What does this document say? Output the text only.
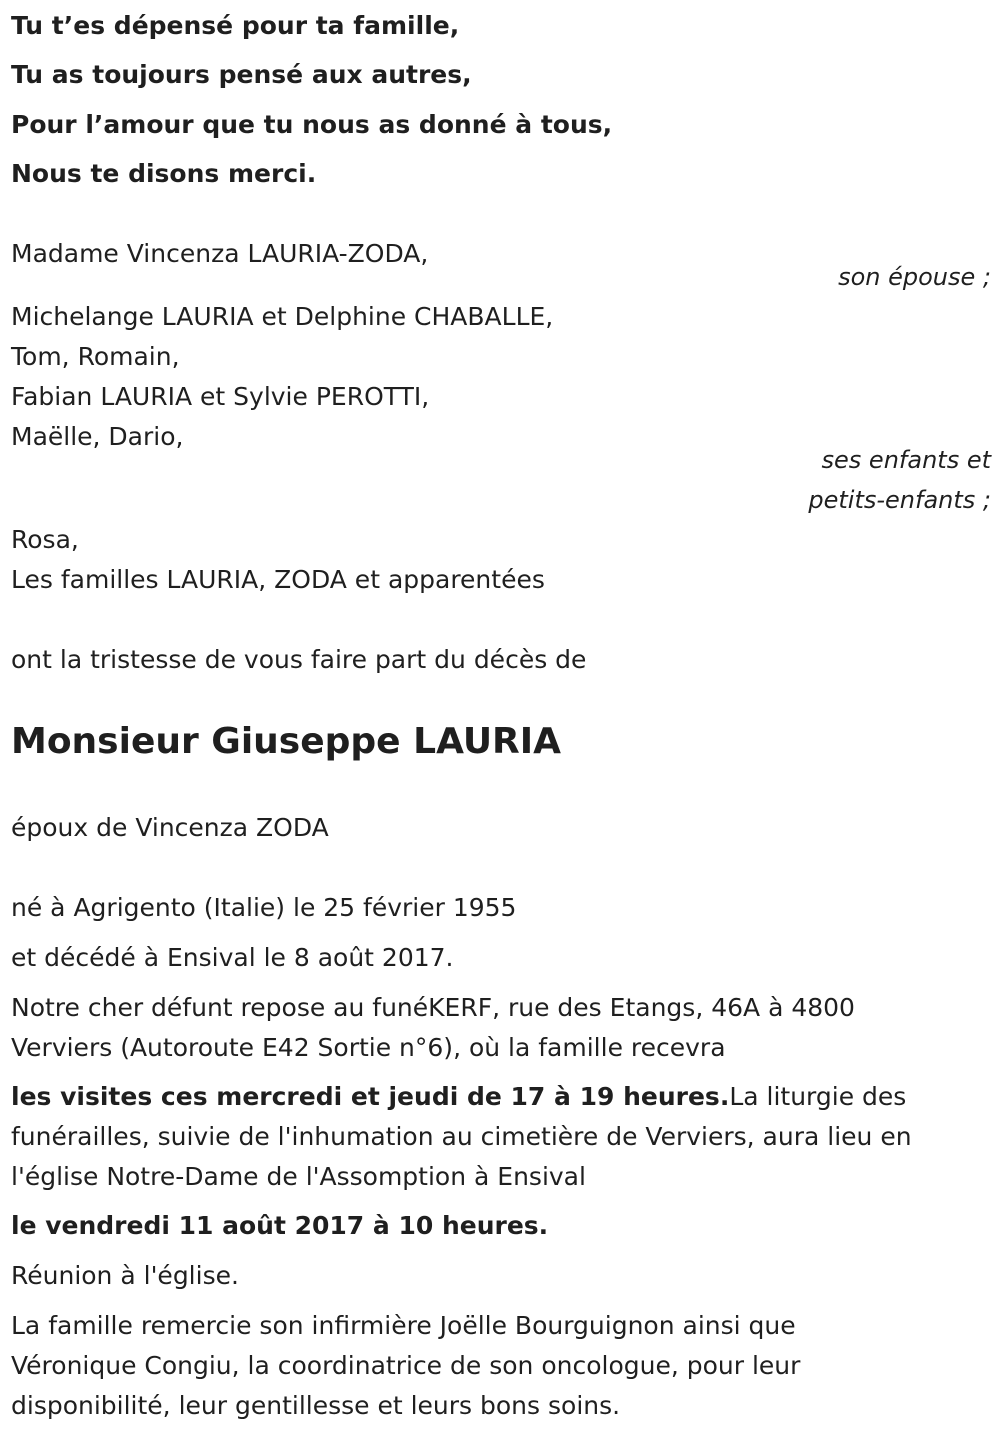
Tu t’es dépensé pour ta famille,
Tu as toujours pensé aux autres,
Pour l’amour que tu nous as donné à tous,
Nous te disons merci.
Madame Vincenza LAURIA-ZODA,
son épouse ;
Michelange LAURIA et Delphine CHABALLE,
Tom, Romain,
Fabian LAURIA et Sylvie PEROTTI,
Maëlle, Dario,
ses enfants et
petits-enfants ;
Rosa,
Les familles LAURIA, ZODA et apparentées
ont la tristesse de vous faire part du décès de
Monsieur Giuseppe LAURIA
époux de Vincenza ZODA
né à Agrigento (Italie) le 25 février 1955
et décédé à Ensival le 8 août 2017.
Notre cher défunt repose au funéKERF, rue des Etangs, 46A à 4800
Verviers (Autoroute E42 Sortie n°6), où la famille recevra
les visites ces mercredi et jeudi de 17 à 19 heures.La liturgie des
funérailles, suivie de l'inhumation au cimetière de Verviers, aura lieu en
l'église Notre-Dame de l'Assomption à Ensival
le vendredi 11 août 2017 à 10 heures.
Réunion à l'église.
La famille remercie son infirmière Joëlle Bourguignon ainsi que
Véronique Congiu, la coordinatrice de son oncologue, pour leur
disponibilité, leur gentillesse et leurs bons soins.
